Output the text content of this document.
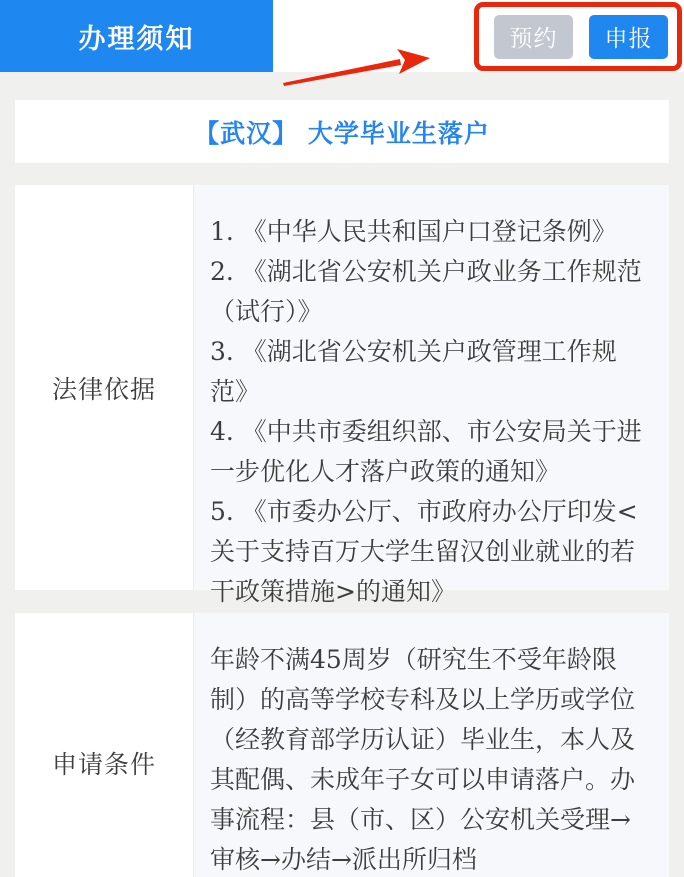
办理须知	预约	申报
【武汉】 大学毕业生落户
法律依据
1. 《中华人民共和国户口登记条例》
2. 《湖北省公安机关户政业务工作规范（试行）》
3. 《湖北省公安机关户政管理工作规范》
4. 《中共市委组织部、市公安局关于进一步优化人才落户政策的通知》
5. 《市委办公厅、市政府办公厅印发<关于支持百万大学生留汉创业就业的若干政策措施>的通知》
申请条件
年龄不满45周岁（研究生不受年龄限制）的高等学校专科及以上学历或学位（经教育部学历认证）毕业生，本人及其配偶、未成年子女可以申请落户。办事流程：县（市、区）公安机关受理→审核→办结→派出所归档
